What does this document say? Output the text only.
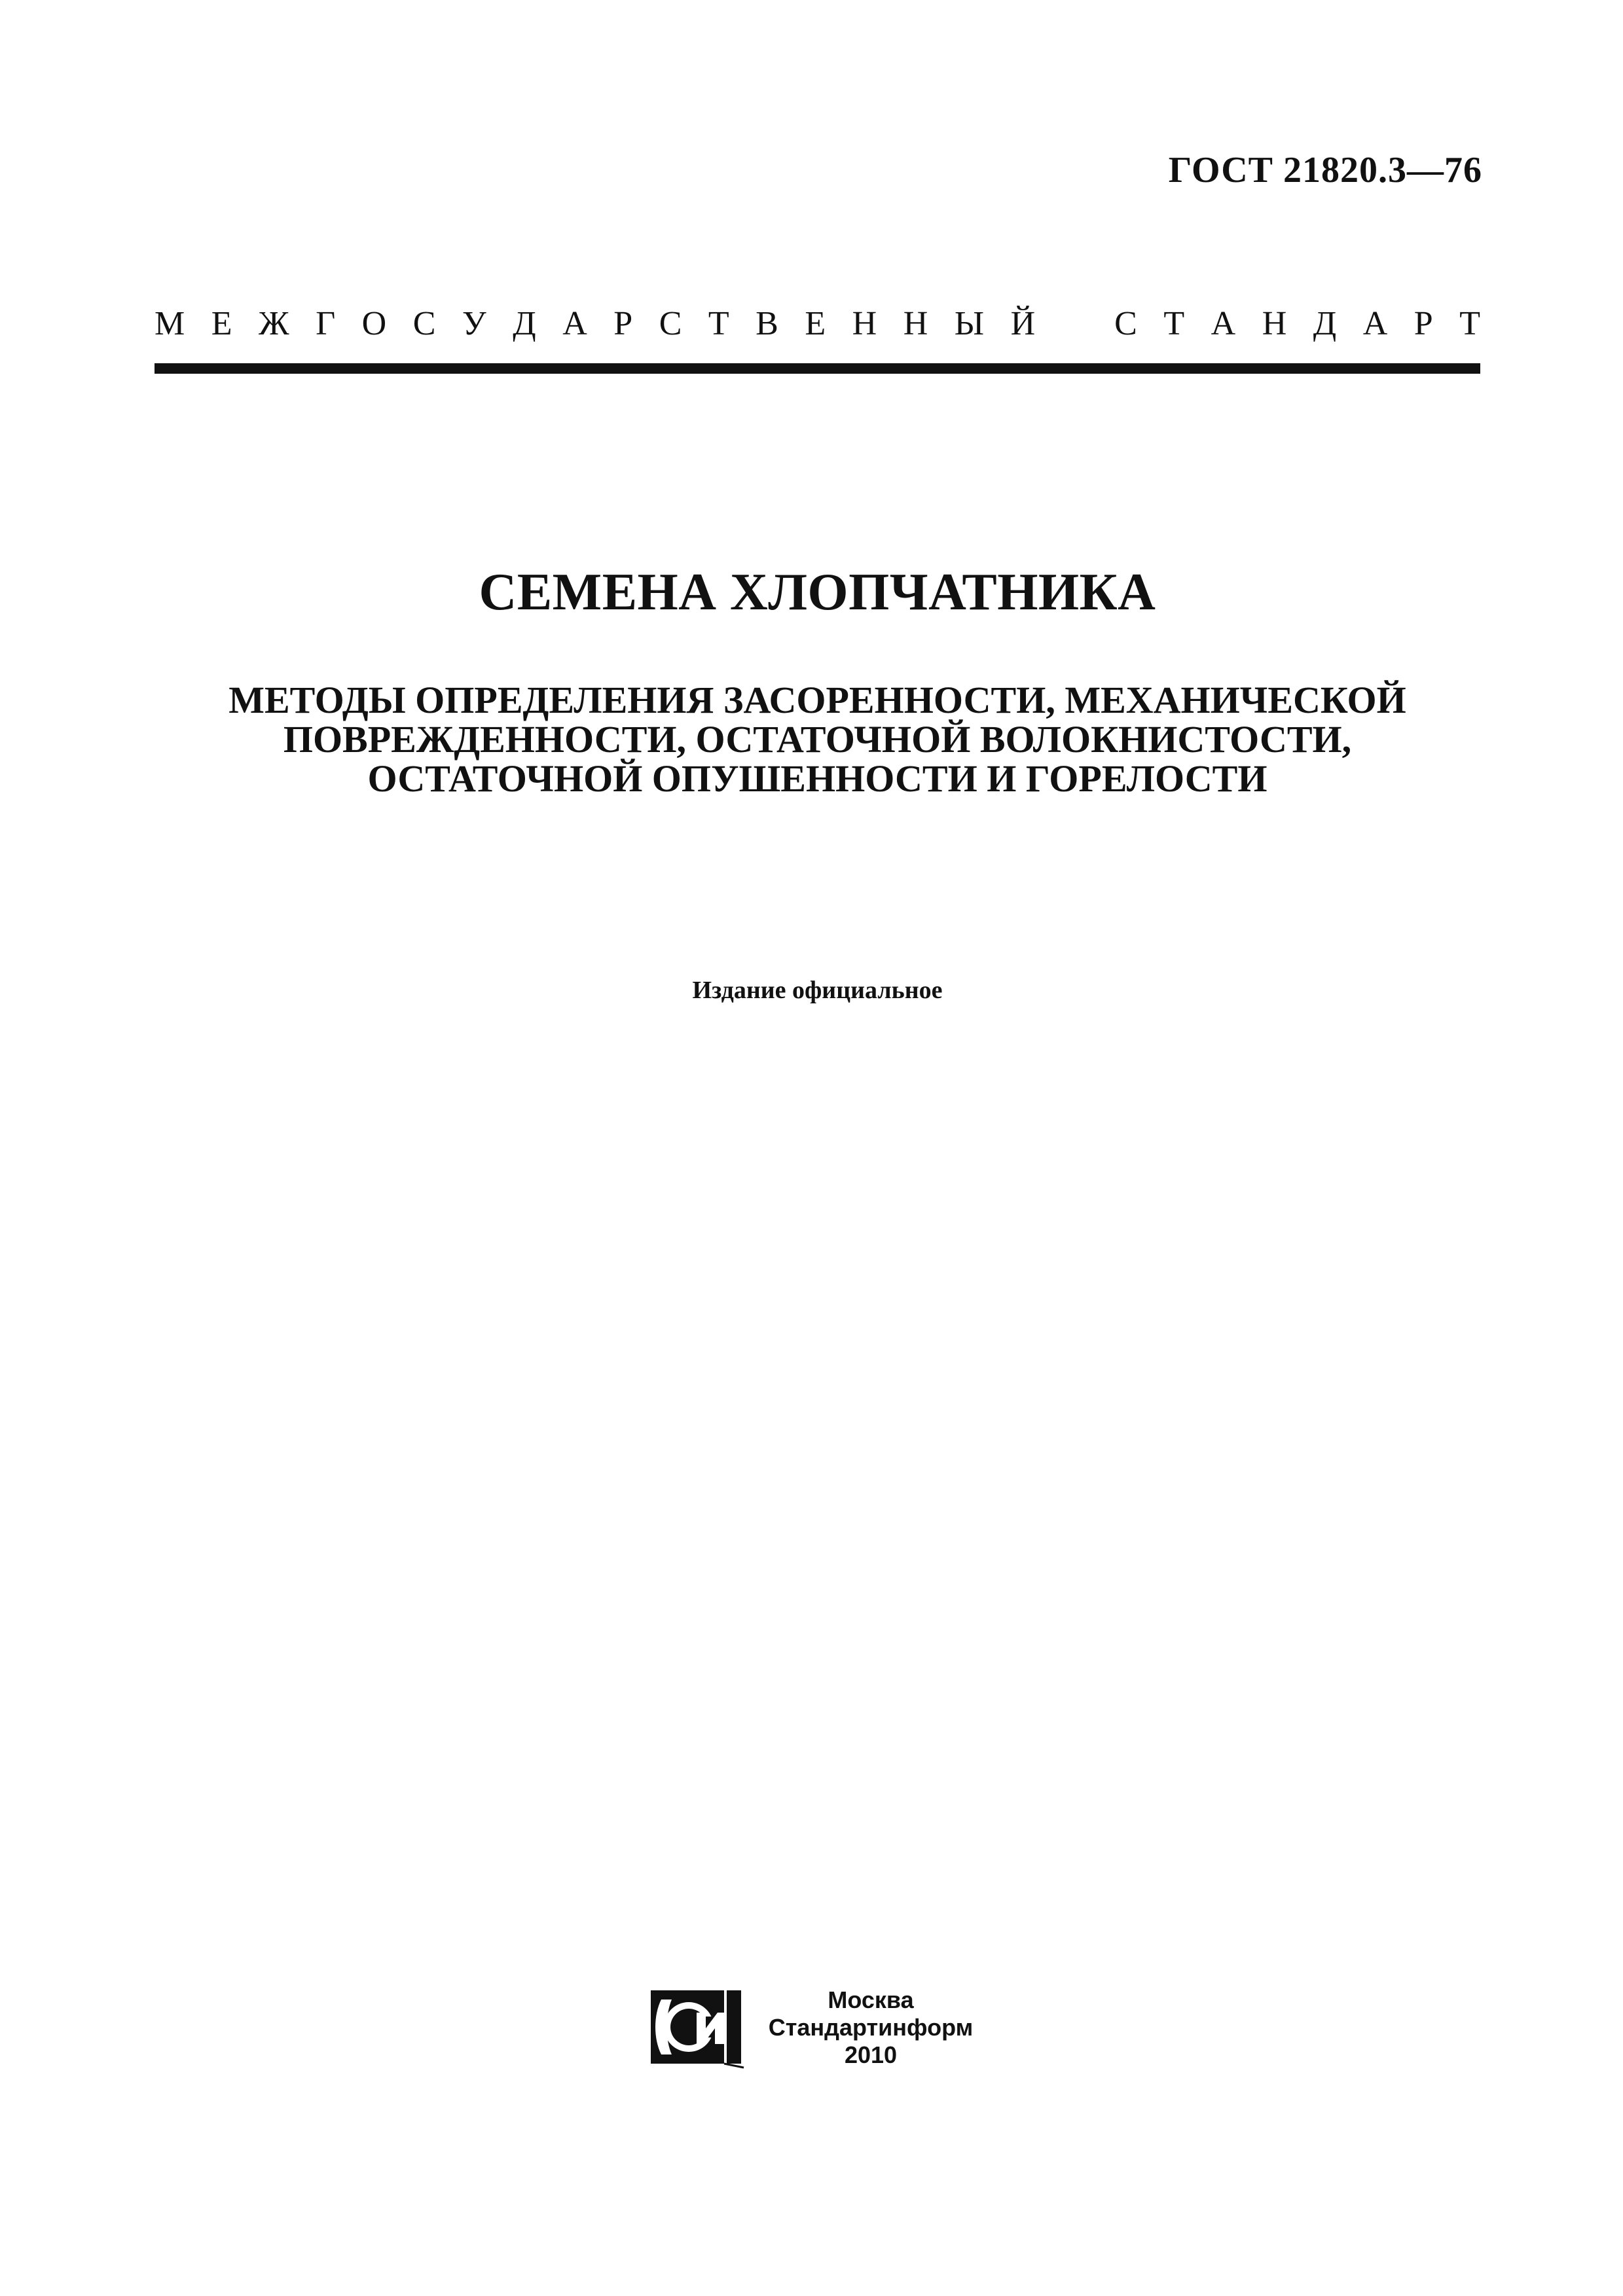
ГОСТ 21820.3—76
М Е Ж Г О С У Д А Р С Т В Е Н Н Ы Й С Т А Н Д А Р Т
СЕМЕНА ХЛОПЧАТНИКА
МЕТОДЫ ОПРЕДЕЛЕНИЯ ЗАСОРЕННОСТИ, МЕХАНИЧЕСКОЙ
ПОВРЕЖДЕННОСТИ, ОСТАТОЧНОЙ ВОЛОКНИСТОСТИ,
ОСТАТОЧНОЙ ОПУШЕННОСТИ И ГОРЕЛОСТИ
Издание официальное
Москва
Стандартинформ
2010
